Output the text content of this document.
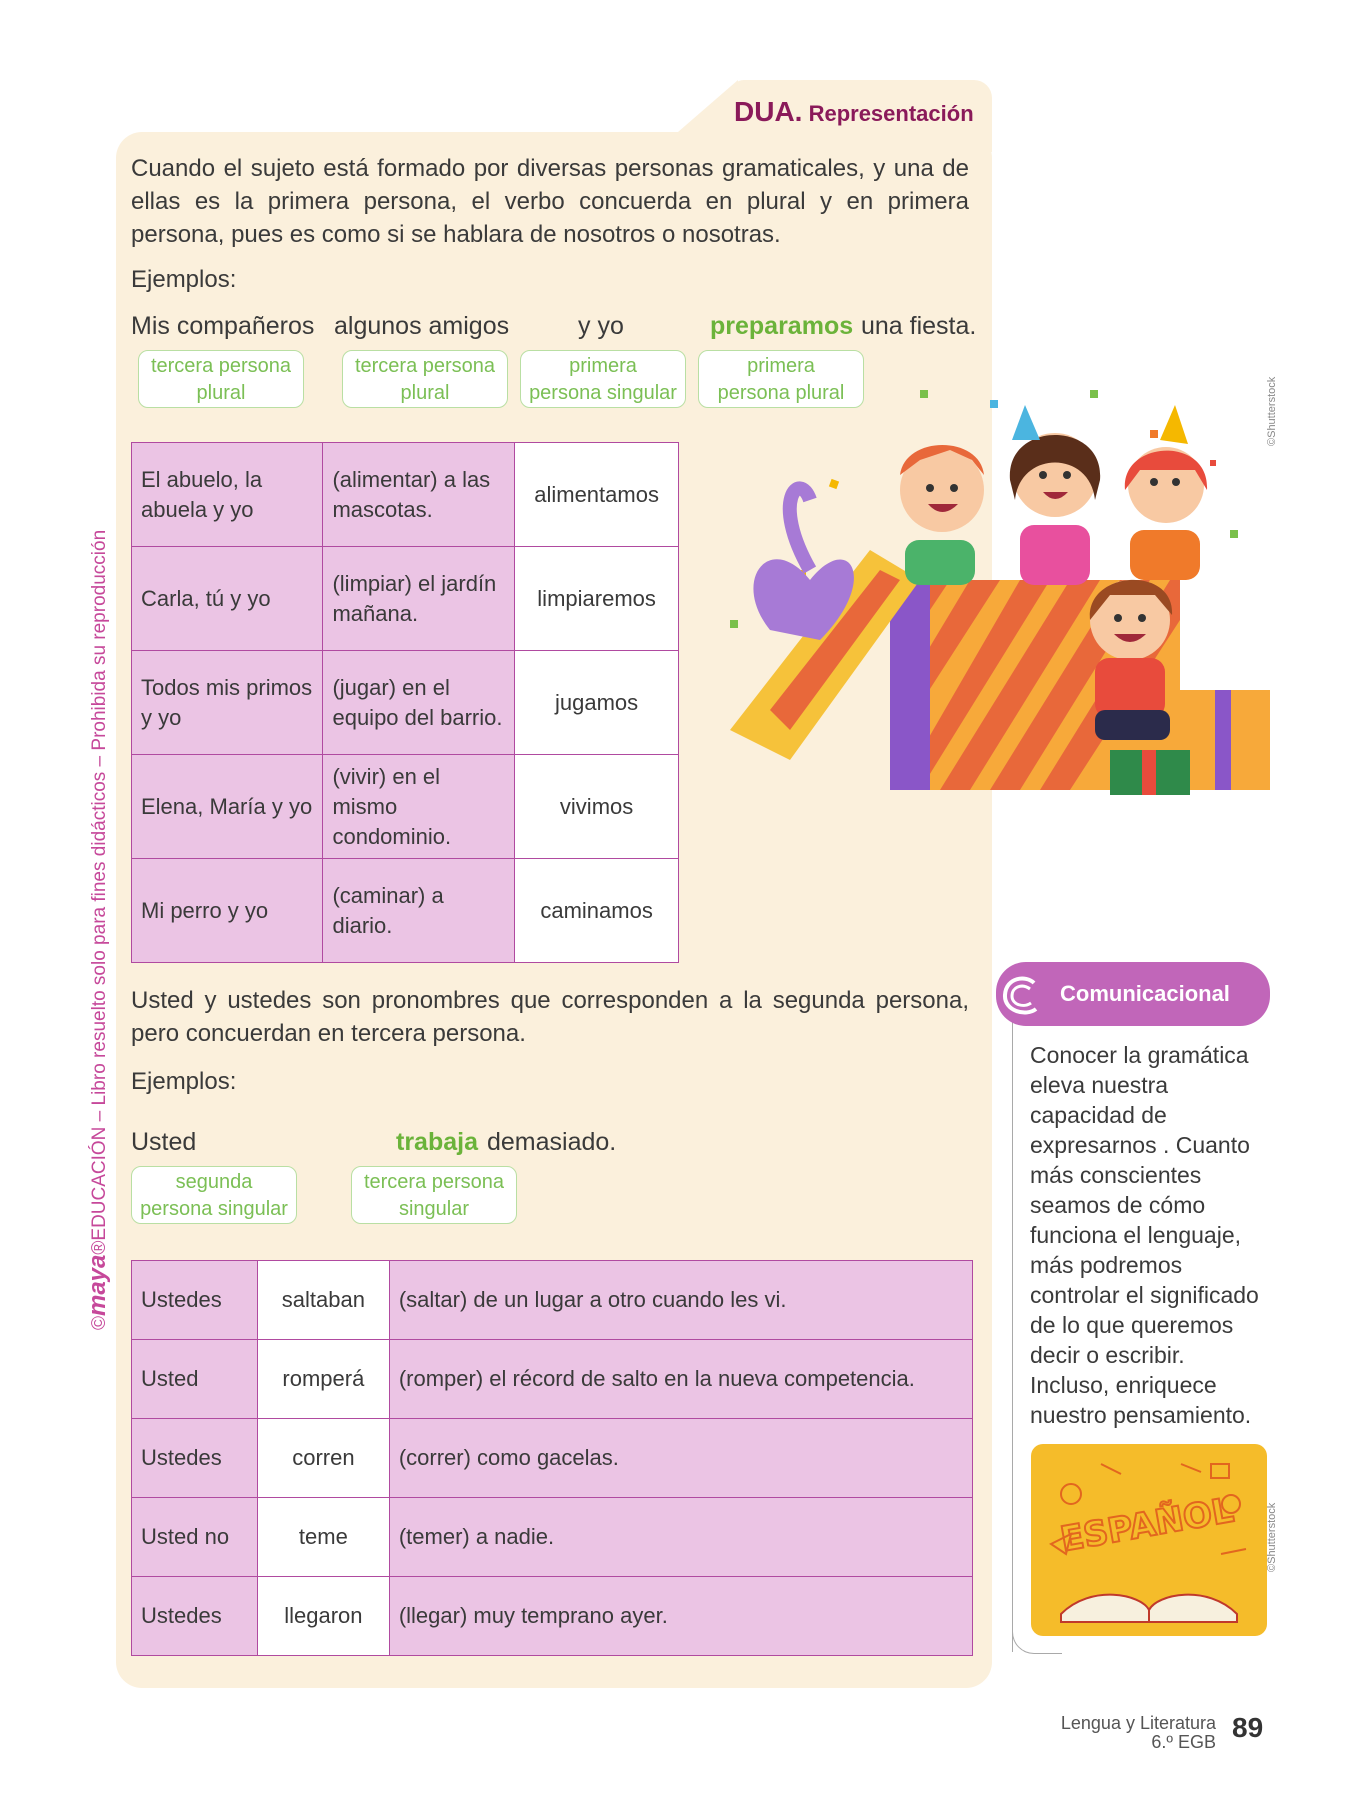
©maya®EDUCACIÓN – Libro resuelto solo para fines didácticos – Prohibida su reproducción
DUA. Representación
Cuando el sujeto está formado por diversas personas gramaticales, y una de ellas es la primera persona, el verbo concuerda en plural y en primera persona, pues es como si se hablara de nosotros o nosotras.
Ejemplos:
Mis compañeros algunos amigos	y yo	preparamos una fiesta.
tercera persona
plural
tercera persona
plural
primera
persona singular
primera
persona plural
El abuelo, la abuela y yo	(alimentar) a las mascotas.	alimentamos
Carla, tú y yo	(limpiar) el jardín mañana.	limpiaremos
Todos mis primos y yo	(jugar) en el equipo del barrio.	jugamos
Elena, María y yo	(vivir) en el mismo condominio.	vivimos
Mi perro y yo	(caminar) a diario.	caminamos
©Shutterstock
Usted y ustedes son pronombres que corresponden a la segunda persona, pero concuerdan en tercera persona.
Ejemplos:
Usted	trabaja demasiado.
segunda
persona singular
tercera persona
singular
Ustedes	saltaban	(saltar) de un lugar a otro cuando les vi.
Usted	romperá	(romper) el récord de salto en la nueva competencia.
Ustedes	corren	(correr) como gacelas.
Usted no	teme	(temer) a nadie.
Ustedes	llegaron	(llegar) muy temprano ayer.
Comunicacional
Conocer la gramática eleva nuestra capacidad de expresarnos . Cuanto más conscientes seamos de cómo funciona el lenguaje, más podremos controlar el significado de lo que queremos decir o escribir. Incluso, enriquece nuestro pensamiento.
ESPAÑOL	©Shutterstock
Lengua y Literatura
6.º EGB 89
